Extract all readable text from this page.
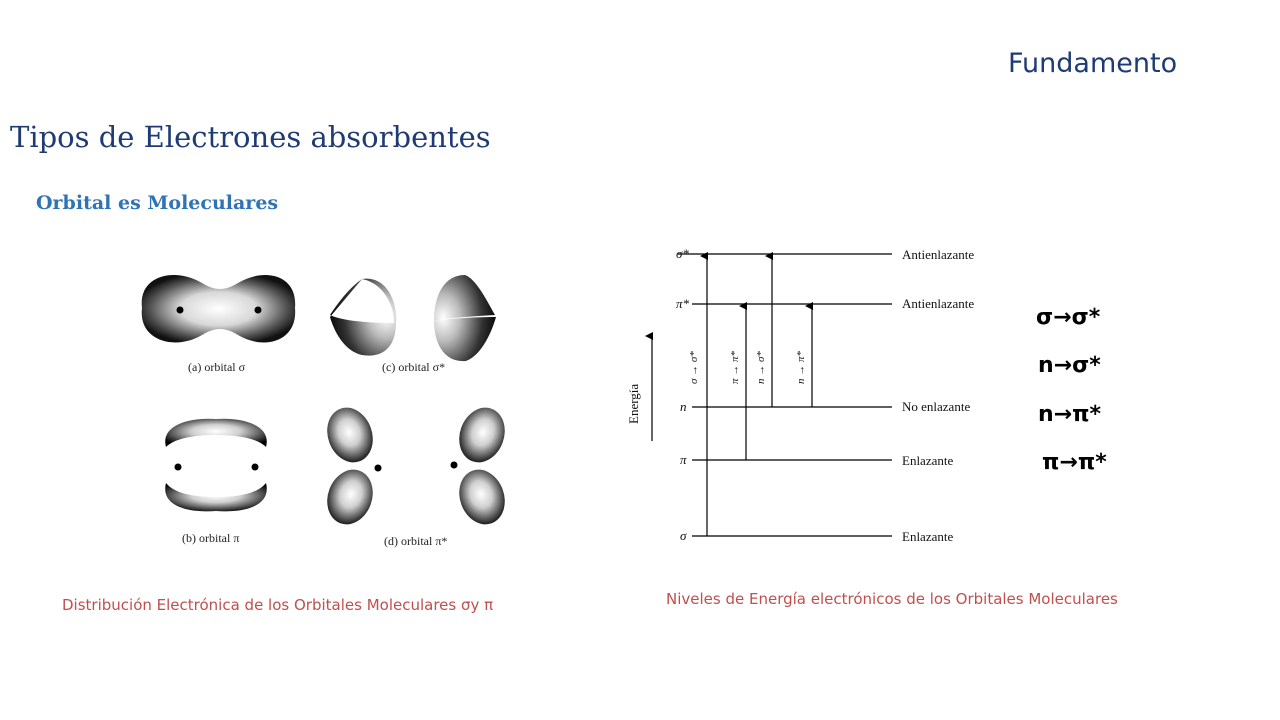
Fundamento
Tipos de Electrones absorbentes
Orbital es Moleculares
(a) orbital σ	(c) orbital σ*
(b) orbital π	(d) orbital π*
Energía
σ*
π*
n
π
σ
Antienlazante
Antienlazante
No enlazante
Enlazante
Enlazante
σ → σ*	π → π* n → σ*	n → π*
σ→σ*
n→σ*
n→π*
π→π*
Distribución Electrónica de los Orbitales Moleculares σy π	Niveles de Energía electrónicos de los Orbitales Moleculares
